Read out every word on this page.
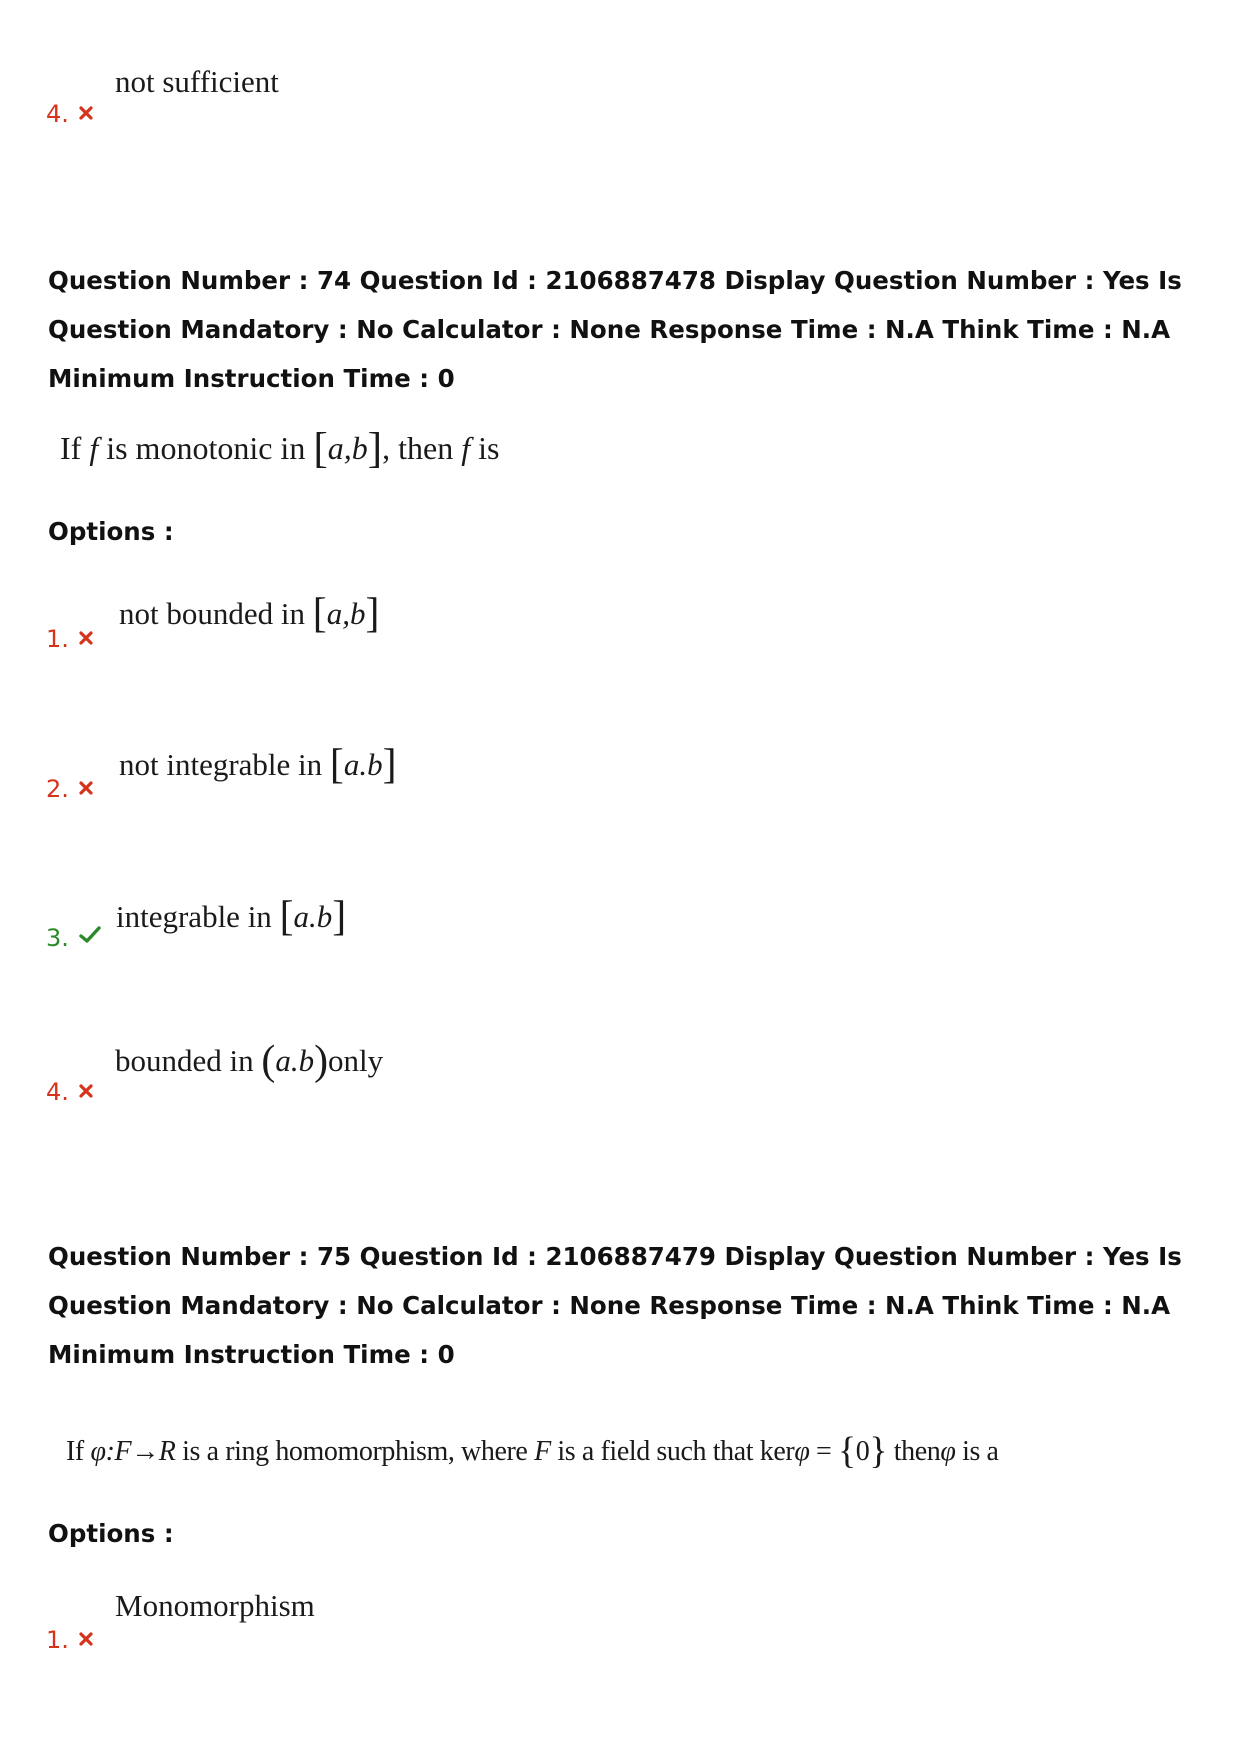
not sufficient
4.
Question Number : 74 Question Id : 2106887478 Display Question Number : Yes Is Question Mandatory : No Calculator : None Response Time : N.A Think Time : N.A Minimum Instruction Time : 0
If f is monotonic in [a,b], then f is
Options :
not bounded in [a,b]
1.
not integrable in [a.b]
2.
integrable in [a.b]
3.
bounded in (a.b)only
4.
Question Number : 75 Question Id : 2106887479 Display Question Number : Yes Is Question Mandatory : No Calculator : None Response Time : N.A Think Time : N.A Minimum Instruction Time : 0
If φ:F→R is a ring homomorphism, where F is a field such that kerφ = {0} thenφ is a
Options :
Monomorphism
1.
